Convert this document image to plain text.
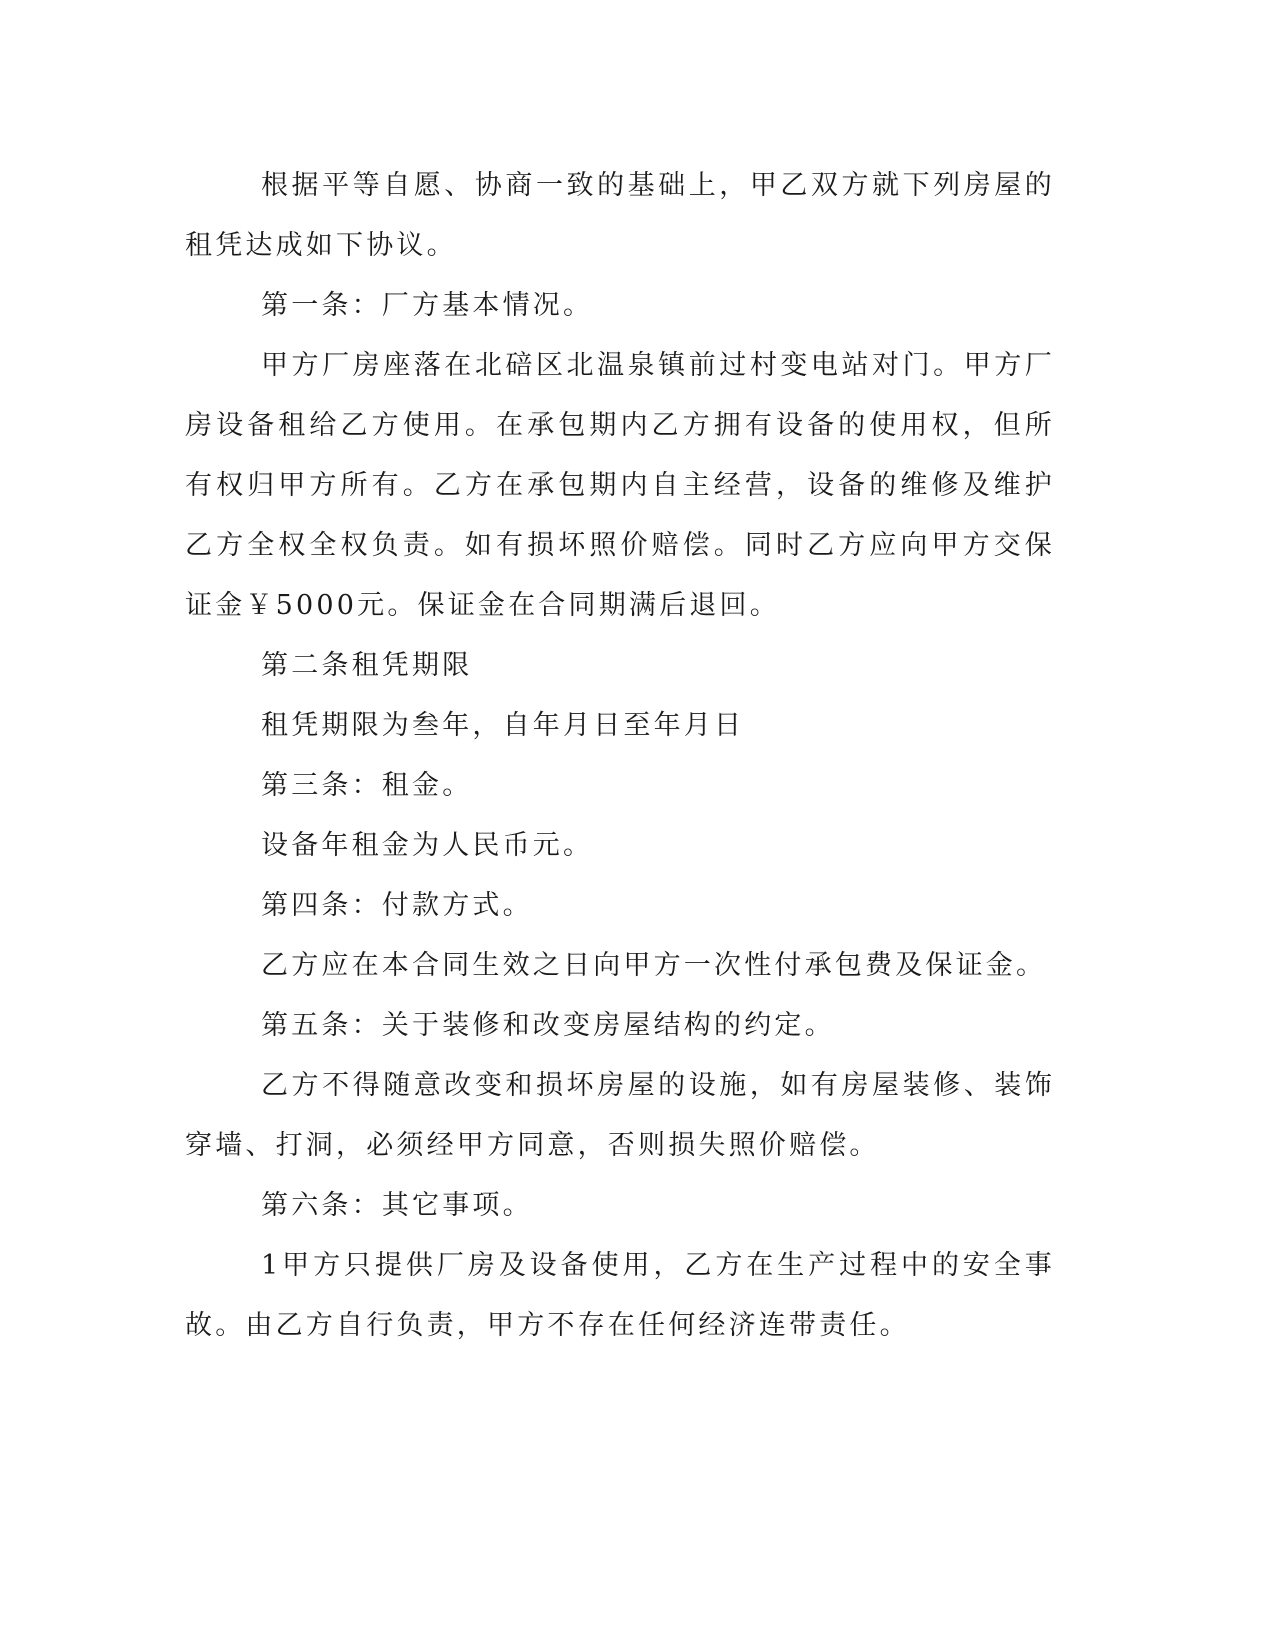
根据平等自愿、协商一致的基础上，甲乙双方就下列房屋的租凭达成如下协议。

第一条：厂方基本情况。

甲方厂房座落在北碚区北温泉镇前过村变电站对门。甲方厂房设备租给乙方使用。在承包期内乙方拥有设备的使用权，但所有权归甲方所有。乙方在承包期内自主经营，设备的维修及维护乙方全权全权负责。如有损坏照价赔偿。同时乙方应向甲方交保证金￥5000元。保证金在合同期满后退回。

第二条租凭期限

租凭期限为叁年，自年月日至年月日

第三条：租金。

设备年租金为人民币元。

第四条：付款方式。

乙方应在本合同生效之日向甲方一次性付承包费及保证金。

第五条：关于装修和改变房屋结构的约定。

乙方不得随意改变和损坏房屋的设施，如有房屋装修、装饰穿墙、打洞，必须经甲方同意，否则损失照价赔偿。

第六条：其它事项。

1甲方只提供厂房及设备使用，乙方在生产过程中的安全事故。由乙方自行负责，甲方不存在任何经济连带责任。
